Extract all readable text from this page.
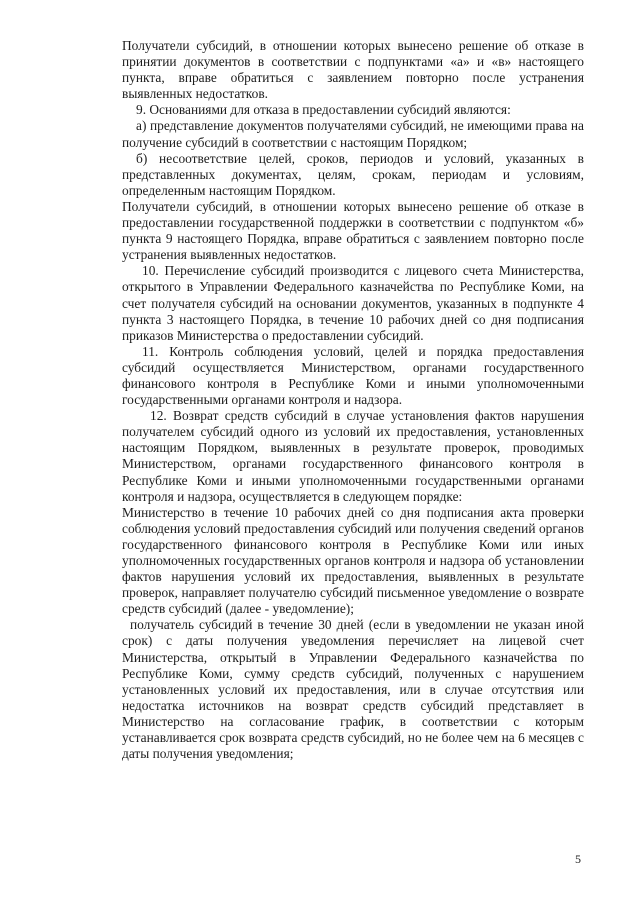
Получатели субсидий, в отношении которых вынесено решение об отказе в принятии документов в соответствии с подпунктами «а» и «в» настоящего пункта, вправе обратиться с заявлением повторно после устранения выявленных недостатков.

9. Основаниями для отказа в предоставлении субсидий являются:

а) представление документов получателями субсидий, не имеющими права на получение субсидий в соответствии с настоящим Порядком;

б) несоответствие целей, сроков, периодов и условий, указанных в представленных документах, целям, срокам, периодам и условиям, определенным настоящим Порядком.

Получатели субсидий, в отношении которых вынесено решение об отказе в предоставлении государственной поддержки в соответствии с подпунктом «б» пункта 9 настоящего Порядка, вправе обратиться с заявлением повторно после устранения выявленных недостатков.

10. Перечисление субсидий производится с лицевого счета Министерства, открытого в Управлении Федерального казначейства по Республике Коми, на счет получателя субсидий на основании документов, указанных в подпункте 4 пункта 3 настоящего Порядка, в течение 10 рабочих дней со дня подписания приказов Министерства о предоставлении субсидий.

11. Контроль соблюдения условий, целей и порядка предоставления субсидий осуществляется Министерством, органами государственного финансового контроля в Республике Коми и иными уполномоченными государственными органами контроля и надзора.

12. Возврат средств субсидий в случае установления фактов нарушения получателем субсидий одного из условий их предоставления, установленных настоящим Порядком, выявленных в результате проверок, проводимых Министерством, органами государственного финансового контроля в Республике Коми и иными уполномоченными государственными органами контроля и надзора, осуществляется в следующем порядке:

Министерство в течение 10 рабочих дней со дня подписания акта проверки соблюдения условий предоставления субсидий или получения сведений органов государственного финансового контроля в Республике Коми или иных уполномоченных государственных органов контроля и надзора об установлении фактов нарушения условий их предоставления, выявленных в результате проверок, направляет получателю субсидий письменное уведомление о возврате средств субсидий (далее - уведомление);

получатель субсидий в течение 30 дней (если в уведомлении не указан иной срок) с даты получения уведомления перечисляет на лицевой счет Министерства, открытый в Управлении Федерального казначейства по Республике Коми, сумму средств субсидий, полученных с нарушением установленных условий их предоставления, или в случае отсутствия или недостатка источников на возврат средств субсидий представляет в Министерство на согласование график, в соответствии с которым устанавливается срок возврата средств субсидий, но не более чем на 6 месяцев с даты получения уведомления;

5
